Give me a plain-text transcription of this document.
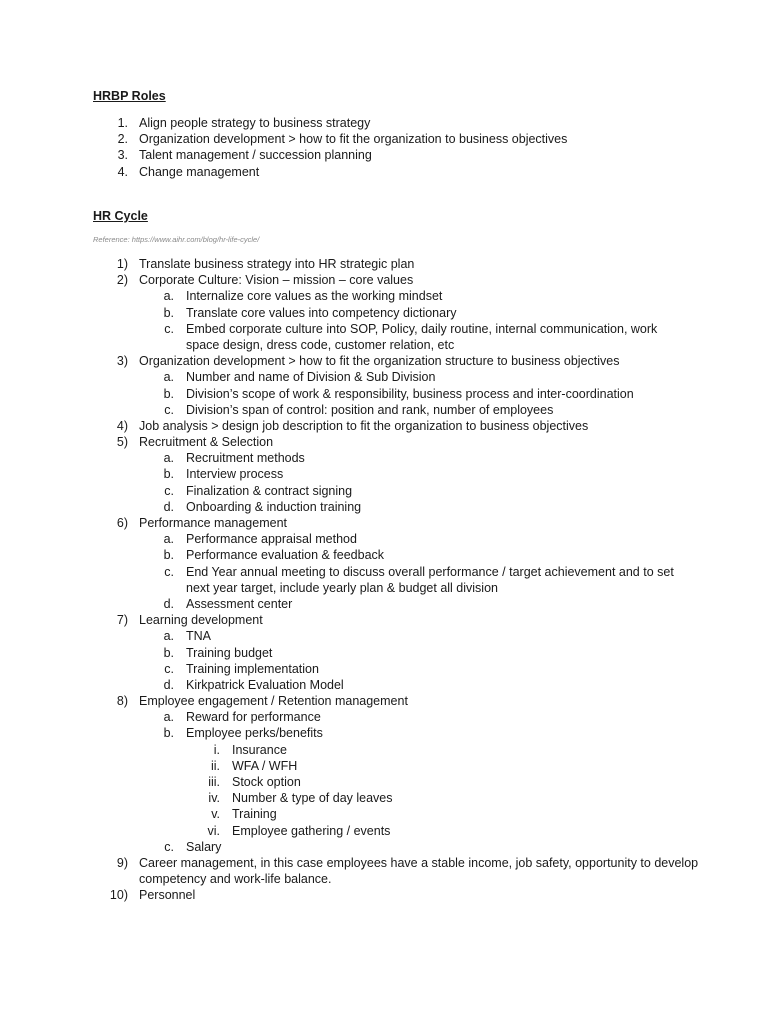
HRBP Roles
1. Align people strategy to business strategy
2. Organization development > how to fit the organization to business objectives
3. Talent management / succession planning
4. Change management
HR Cycle
Reference: https://www.aihr.com/blog/hr-life-cycle/
1) Translate business strategy into HR strategic plan
2) Corporate Culture: Vision – mission – core values
a. Internalize core values as the working mindset
b. Translate core values into competency dictionary
c. Embed corporate culture into SOP, Policy, daily routine, internal communication, work space design, dress code, customer relation, etc
3) Organization development > how to fit the organization structure to business objectives
a. Number and name of Division & Sub Division
b. Division’s scope of work & responsibility, business process and inter-coordination
c. Division’s span of control: position and rank, number of employees
4) Job analysis > design job description to fit the organization to business objectives
5) Recruitment & Selection
a. Recruitment methods
b. Interview process
c. Finalization & contract signing
d. Onboarding & induction training
6) Performance management
a. Performance appraisal method
b. Performance evaluation & feedback
c. End Year annual meeting to discuss overall performance / target achievement and to set next year target, include yearly plan & budget all division
d. Assessment center
7) Learning development
a. TNA
b. Training budget
c. Training implementation
d. Kirkpatrick Evaluation Model
8) Employee engagement / Retention management
a. Reward for performance
b. Employee perks/benefits
i. Insurance
ii. WFA / WFH
iii. Stock option
iv. Number & type of day leaves
v. Training
vi. Employee gathering / events
c. Salary
9) Career management, in this case employees have a stable income, job safety, opportunity to develop competency and work-life balance.
10) Personnel
